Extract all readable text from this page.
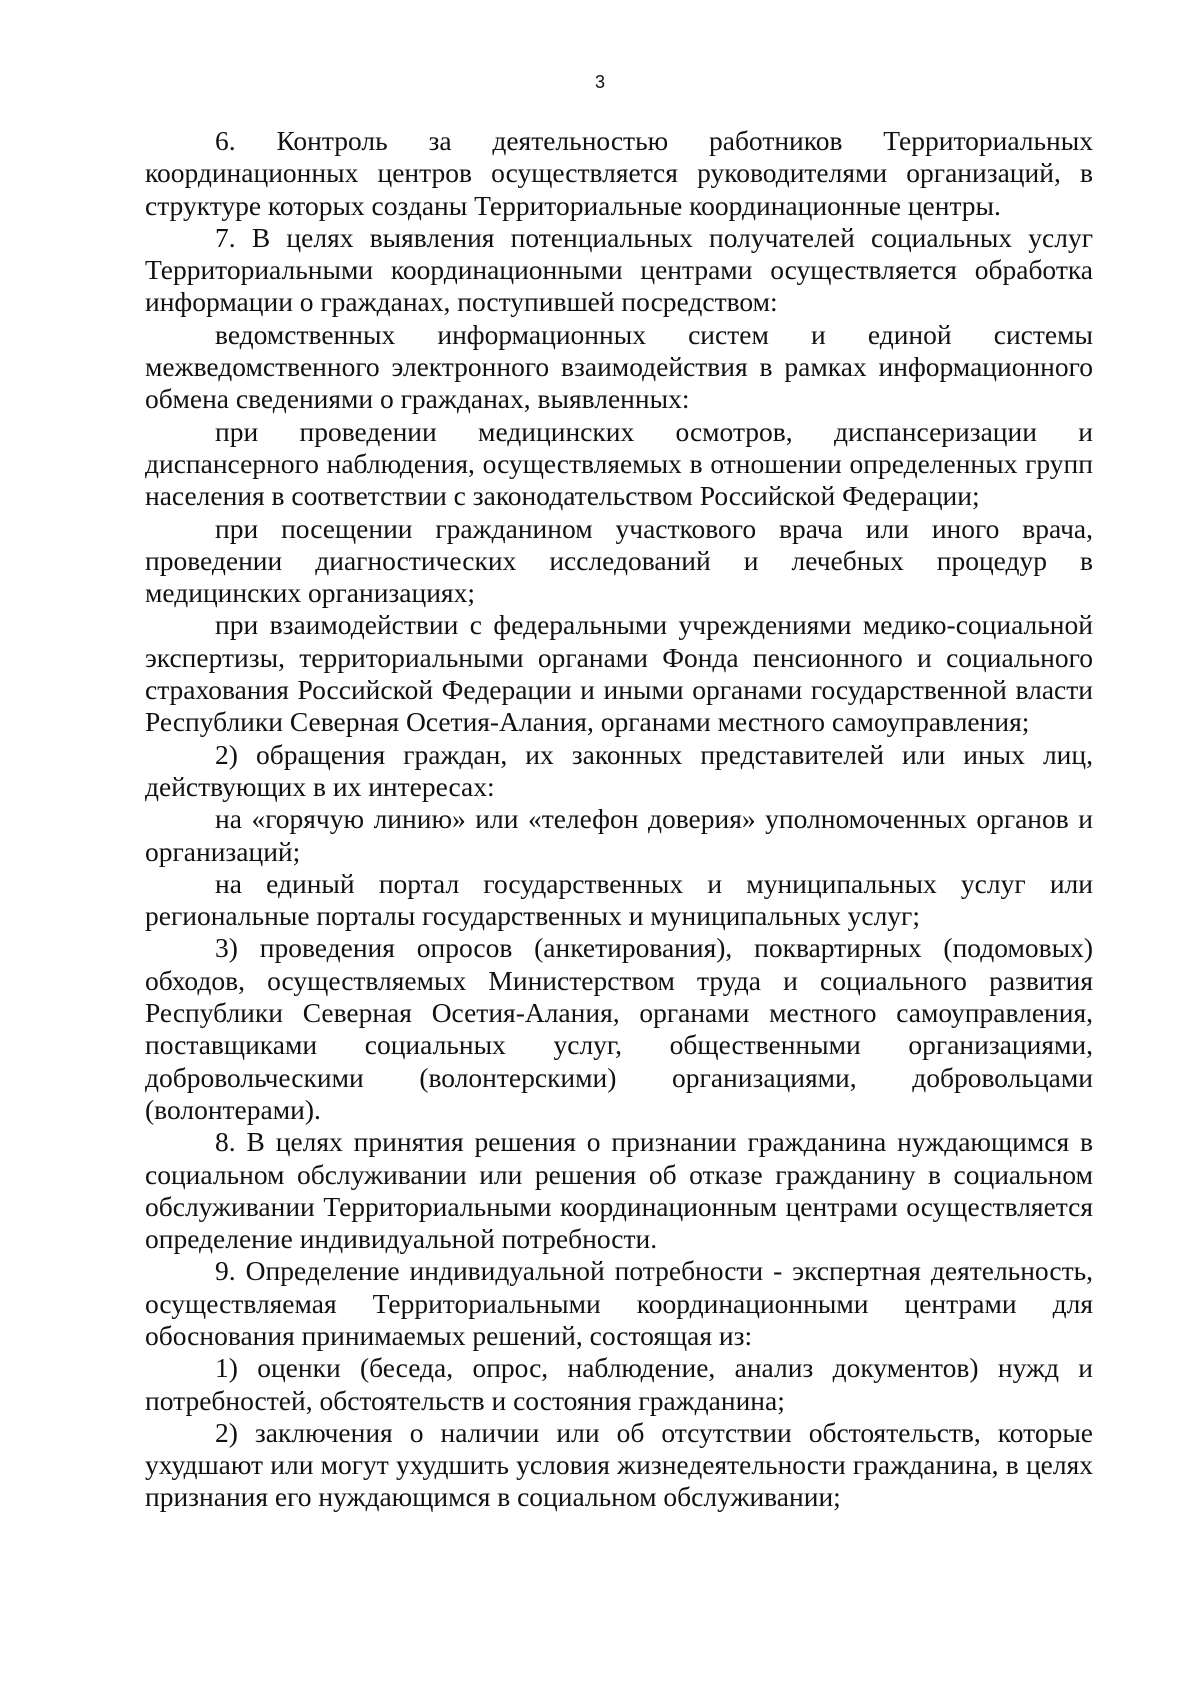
3

6. Контроль за деятельностью работников Территориальных координационных центров осуществляется руководителями организаций, в структуре которых созданы Территориальные координационные центры.

7. В целях выявления потенциальных получателей социальных услуг Территориальными координационными центрами осуществляется обработка информации о гражданах, поступившей посредством:

ведомственных информационных систем и единой системы межведомственного электронного взаимодействия в рамках информационного обмена сведениями о гражданах, выявленных:

при проведении медицинских осмотров, диспансеризации и диспансерного наблюдения, осуществляемых в отношении определенных групп населения в соответствии с законодательством Российской Федерации;

при посещении гражданином участкового врача или иного врача, проведении диагностических исследований и лечебных процедур в медицинских организациях;

при взаимодействии с федеральными учреждениями медико-социальной экспертизы, территориальными органами Фонда пенсионного и социального страхования Российской Федерации и иными органами государственной власти Республики Северная Осетия-Алания, органами местного самоуправления;

2) обращения граждан, их законных представителей или иных лиц, действующих в их интересах:

на «горячую линию» или «телефон доверия» уполномоченных органов и организаций;

на единый портал государственных и муниципальных услуг или региональные порталы государственных и муниципальных услуг;

3) проведения опросов (анкетирования), поквартирных (подомовых) обходов, осуществляемых Министерством труда и социального развития Республики Северная Осетия-Алания, органами местного самоуправления, поставщиками социальных услуг, общественными организациями, добровольческими (волонтерскими) организациями, добровольцами (волонтерами).

8. В целях принятия решения о признании гражданина нуждающимся в социальном обслуживании или решения об отказе гражданину в социальном обслуживании Территориальными координационным центрами осуществляется определение индивидуальной потребности.

9. Определение индивидуальной потребности - экспертная деятельность, осуществляемая Территориальными координационными центрами для обоснования принимаемых решений, состоящая из:

1) оценки (беседа, опрос, наблюдение, анализ документов) нужд и потребностей, обстоятельств и состояния гражданина;

2) заключения о наличии или об отсутствии обстоятельств, которые ухудшают или могут ухудшить условия жизнедеятельности гражданина, в целях признания его нуждающимся в социальном обслуживании;
